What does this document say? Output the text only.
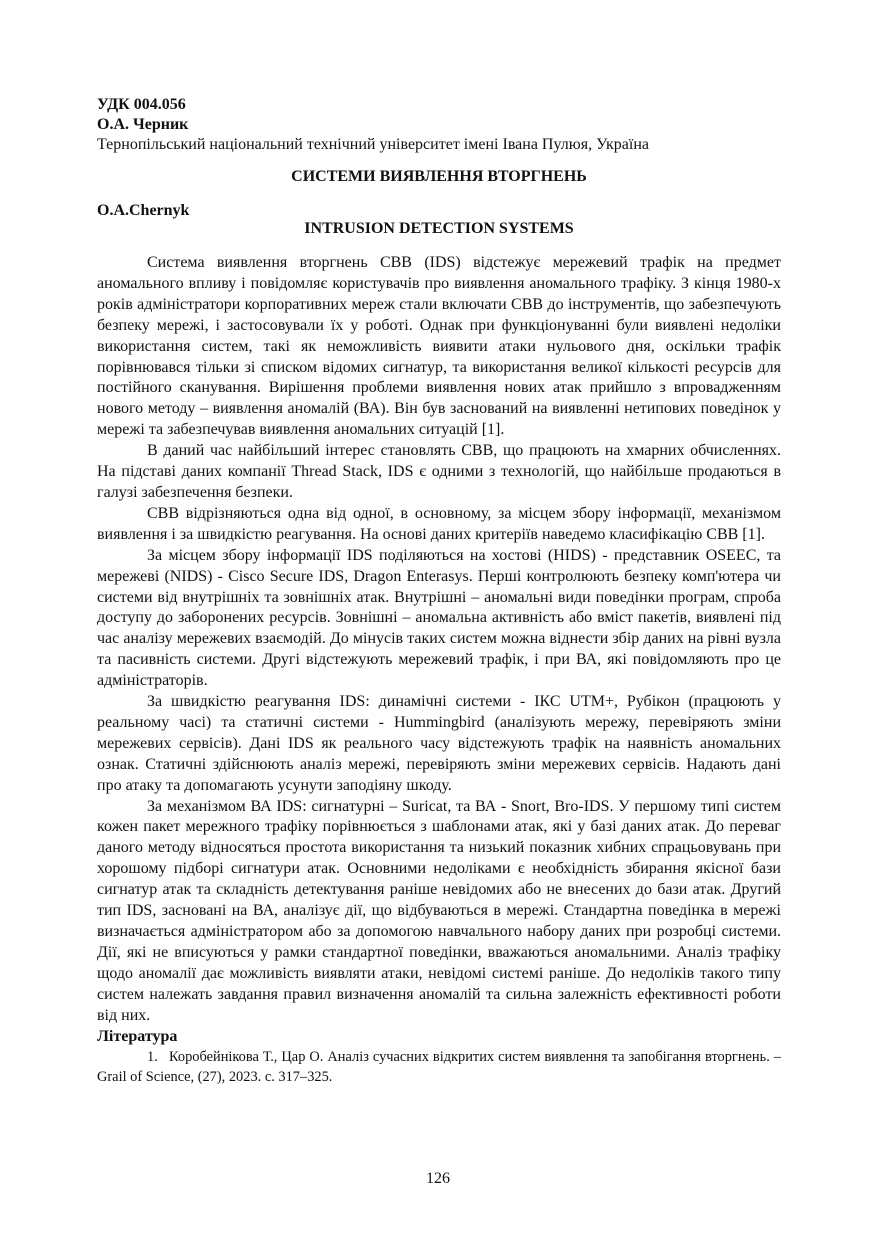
УДК 004.056

О.А. Черник

Тернопільський національний технічний університет імені Івана Пулюя, Україна

СИСТЕМИ ВИЯВЛЕННЯ ВТОРГНЕНЬ

O.A.Chernyk

INTRUSION DETECTION SYSTEMS

Система виявлення вторгнень СВВ (IDS) відстежує мережевий трафік на предмет аномального впливу і повідомляє користувачів про виявлення аномального трафіку. З кінця 1980-х років адміністратори корпоративних мереж стали включати СВВ до інструментів, що забезпечують безпеку мережі, і застосовували їх у роботі. Однак при функціонуванні були виявлені недоліки використання систем, такі як неможливість виявити атаки нульового дня, оскільки трафік порівнювався тільки зі списком відомих сигнатур, та використання великої кількості ресурсів для постійного сканування. Вирішення проблеми виявлення нових атак прийшло з впровадженням нового методу – виявлення аномалій (ВА). Він був заснований на виявленні нетипових поведінок у мережі та забезпечував виявлення аномальних ситуацій [1].

В даний час найбільший інтерес становлять СВВ, що працюють на хмарних обчисленнях. На підставі даних компанії Thread Stack, IDS є одними з технологій, що найбільше продаються в галузі забезпечення безпеки.

СВВ відрізняються одна від одної, в основному, за місцем збору інформації, механізмом виявлення і за швидкістю реагування. На основі даних критеріїв наведемо класифікацію СВВ [1].

За місцем збору інформації IDS поділяються на хостові (HIDS) - представник OSEEC, та мережеві (NIDS) - Cisco Secure IDS, Dragon Enterasys. Перші контролюють безпеку комп'ютера чи системи від внутрішніх та зовнішніх атак. Внутрішні – аномальні види поведінки програм, спроба доступу до заборонених ресурсів. Зовнішні – аномальна активність або вміст пакетів, виявлені під час аналізу мережевих взаємодій. До мінусів таких систем можна віднести збір даних на рівні вузла та пасивність системи. Другі відстежують мережевий трафік, і при ВА, які повідомляють про це адміністраторів.

За швидкістю реагування IDS: динамічні системи - ІКС UTM+, Рубікон (працюють у реальному часі) та статичні системи - Hummingbird (аналізують мережу, перевіряють зміни мережевих сервісів). Дані IDS як реального часу відстежують трафік на наявність аномальних ознак. Статичні здійснюють аналіз мережі, перевіряють зміни мережевих сервісів. Надають дані про атаку та допомагають усунути заподіяну шкоду.

За механізмом ВА IDS: сигнатурні – Suricat, та ВА - Snort, Bro-IDS. У першому типі систем кожен пакет мережного трафіку порівнюється з шаблонами атак, які у базі даних атак. До переваг даного методу відносяться простота використання та низький показник хибних спрацьовувань при хорошому підборі сигнатури атак. Основними недоліками є необхідність збирання якісної бази сигнатур атак та складність детектування раніше невідомих або не внесених до бази атак. Другий тип IDS, засновані на ВА, аналізує дії, що відбуваються в мережі. Стандартна поведінка в мережі визначається адміністратором або за допомогою навчального набору даних при розробці системи. Дії, які не вписуються у рамки стандартної поведінки, вважаються аномальними. Аналіз трафіку щодо аномалії дає можливість виявляти атаки, невідомі системі раніше. До недоліків такого типу систем належать завдання правил визначення аномалій та сильна залежність ефективності роботи від них.

Література

1. Коробейнікова Т., Цар О. Аналіз сучасних відкритих систем виявлення та запобігання вторгнень. – Grail of Science, (27), 2023. с. 317–325.

126
